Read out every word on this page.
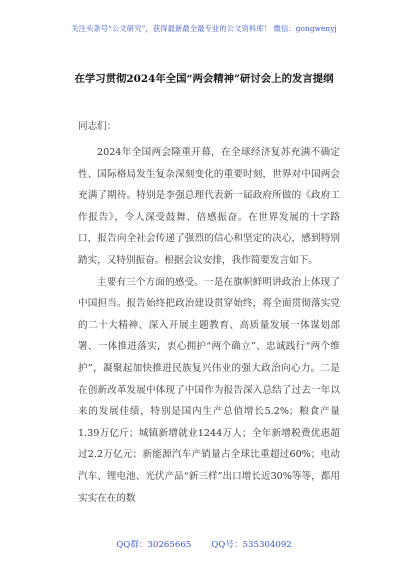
关注头条号“公文研究”，获得最新最全最专业的公文资料库！ 微信：gongwenyj
在学习贯彻2024年全国“两会精神”研讨会上的发言提纲
同志们：

2024年全国两会隆重开幕，在全球经济复苏充满不确定性、国际格局发生复杂深刻变化的重要时刻，世界对中国两会充满了期待。特别是李强总理代表新一届政府所做的《政府工作报告》，令人深受鼓舞、倍感振奋。在世界发展的十字路口，报告向全社会传递了强烈的信心和坚定的决心，感到特别踏实，又特别振奋。根据会议安排，我作简要发言如下。

主要有三个方面的感受。一是在旗帜鲜明讲政治上体现了中国担当。报告始终把政治建设贯穿始终，将全面贯彻落实党的二十大精神、深入开展主题教育、高质量发展一体谋划部署、一体推进落实，衷心拥护“两个确立”、忠诚践行“两个维护”，凝聚起加快推进民族复兴伟业的强大政治向心力。二是在创新改革发展中体现了中国作为报告深入总结了过去一年以来的发展佳绩，特别是国内生产总值增长5.2%；粮食产量1.39万亿斤；城镇新增就业1244万人；全年新增税费优惠超过2.2万亿元；新能源汽车产销量占全球比重超过60%；电动汽车、锂电池、光伏产品“新三样”出口增长近30%等等，都用实实在在的数

QQ群：30265665 QQ号：535304092
